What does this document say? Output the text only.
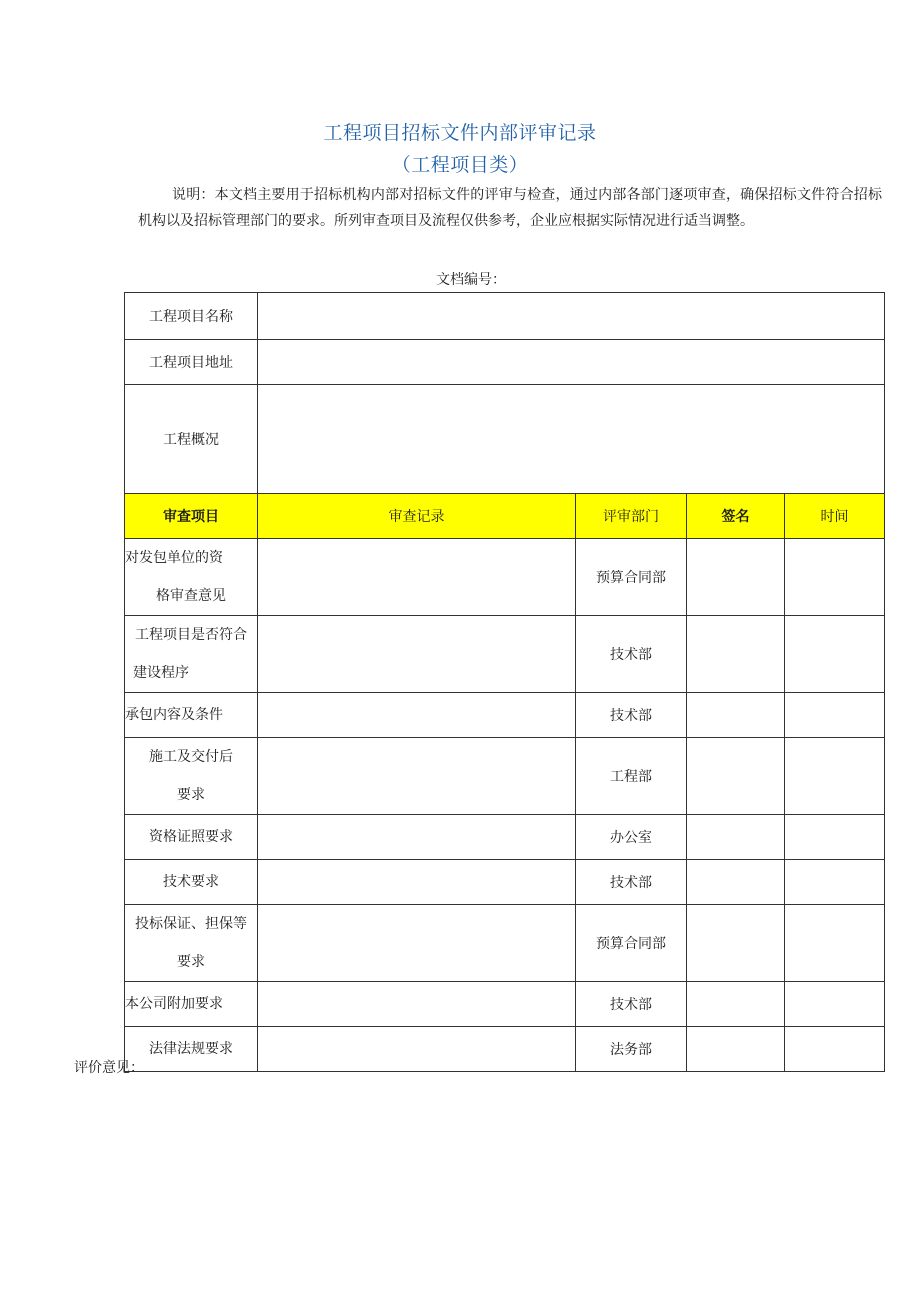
工程项目招标文件内部评审记录
（工程项目类）
说明：本文档主要用于招标机构内部对招标文件的评审与检查，通过内部各部门逐项审查，确保招标文件符合招标机构以及招标管理部门的要求。所列审查项目及流程仅供参考，企业应根据实际情况进行适当调整。
文档编号：
工程项目名称				
工程项目地址				
工程概况				
审查项目	审查记录	评审部门	签名	时间

对发包单位的资
格审查意见		预算合同部		

工程项目是否符合
建设程序		技术部		

承包内容及条件		技术部		

施工及交付后
要求		工程部		

资格证照要求		办公室		

技术要求		技术部		

投标保证、担保等
要求		预算合同部		

本公司附加要求		技术部		

法律法规要求		法务部		
评价意见：
